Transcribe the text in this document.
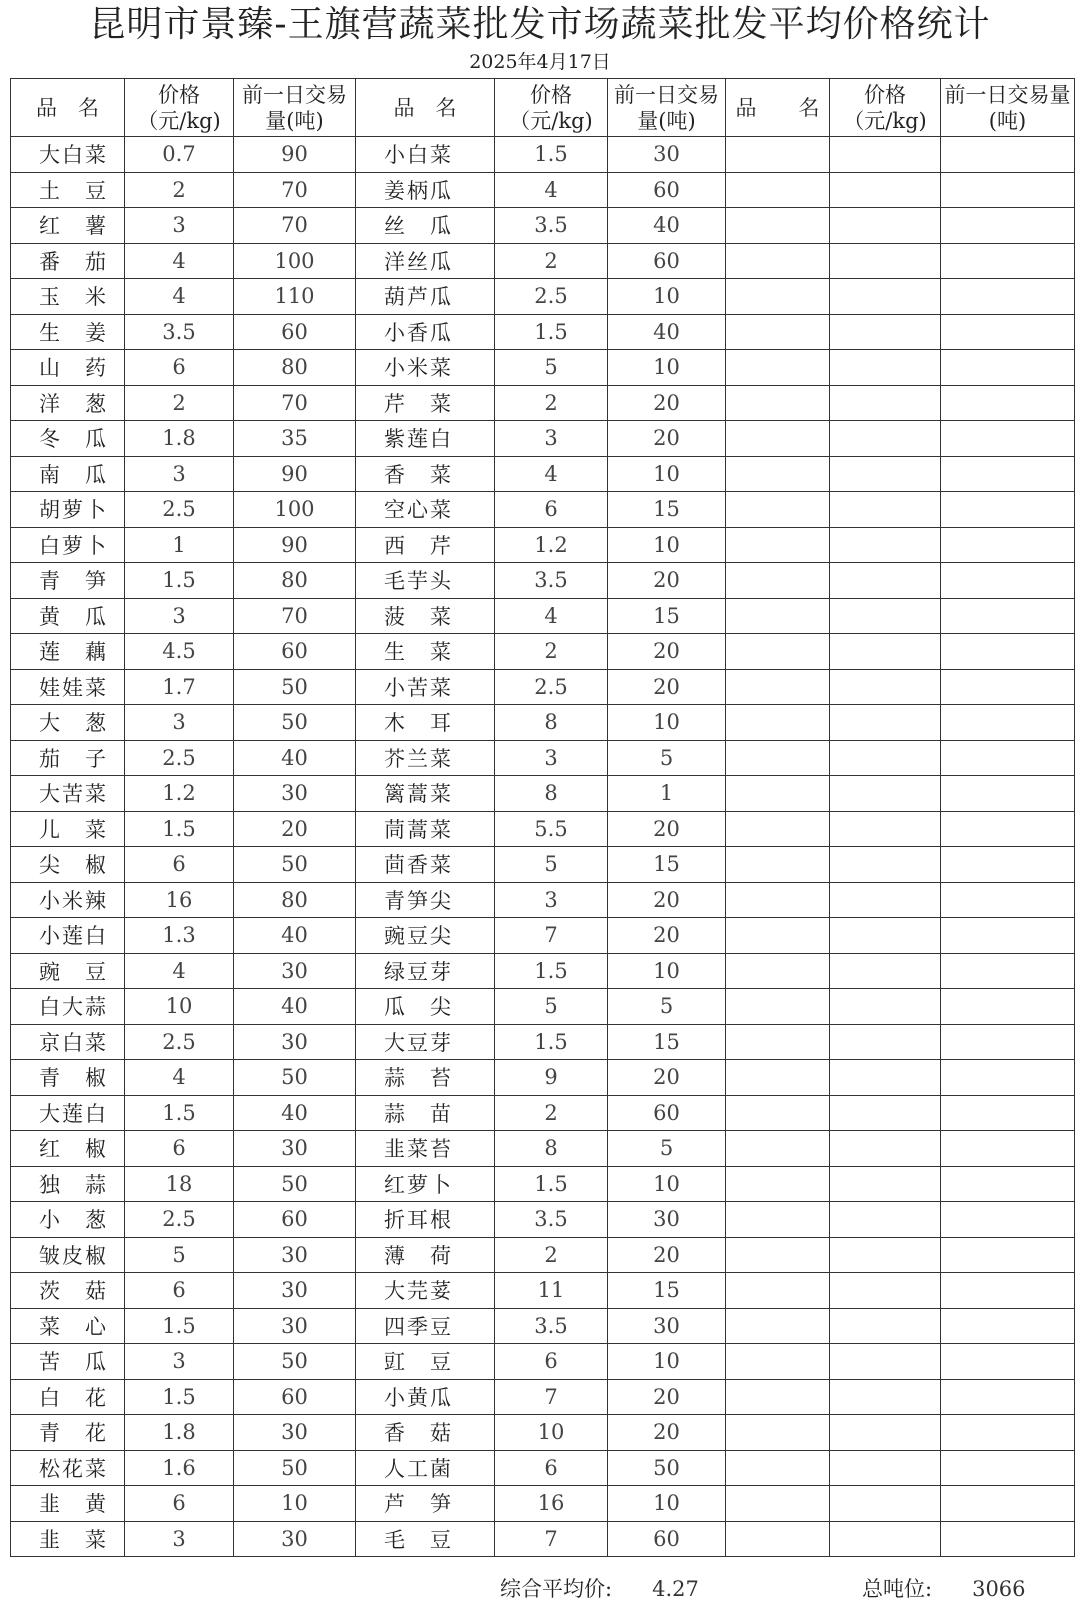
昆明市景臻-王旗营蔬菜批发市场蔬菜批发平均价格统计
2025年4月17日
品　名	价格（元/kg)	前一日交易量(吨)	品　名	价格（元/kg)	前一日交易量(吨)	品　　名	价格（元/kg)	前一日交易量(吨)
大白菜	0.7	90	小白菜	1.5	30			
土　豆	2	70	姜柄瓜	4	60			
红　薯	3	70	丝　瓜	3.5	40			
番　茄	4	100	洋丝瓜	2	60			
玉　米	4	110	葫芦瓜	2.5	10			
生　姜	3.5	60	小香瓜	1.5	40			
山　药	6	80	小米菜	5	10			
洋　葱	2	70	芹　菜	2	20			
冬　瓜	1.8	35	紫莲白	3	20			
南　瓜	3	90	香　菜	4	10			
胡萝卜	2.5	100	空心菜	6	15			
白萝卜	1	90	西　芹	1.2	10			
青　笋	1.5	80	毛芋头	3.5	20			
黄　瓜	3	70	菠　菜	4	15			
莲　藕	4.5	60	生　菜	2	20			
娃娃菜	1.7	50	小苦菜	2.5	20			
大　葱	3	50	木　耳	8	10			
茄　子	2.5	40	芥兰菜	3	5			
大苦菜	1.2	30	篱蒿菜	8	1			
儿　菜	1.5	20	茼蒿菜	5.5	20			
尖　椒	6	50	茴香菜	5	15			
小米辣	16	80	青笋尖	3	20			
小莲白	1.3	40	豌豆尖	7	20			
豌　豆	4	30	绿豆芽	1.5	10			
白大蒜	10	40	瓜　尖	5	5			
京白菜	2.5	30	大豆芽	1.5	15			
青　椒	4	50	蒜　苔	9	20			
大莲白	1.5	40	蒜　苗	2	60			
红　椒	6	30	韭菜苔	8	5			
独　蒜	18	50	红萝卜	1.5	10			
小　葱	2.5	60	折耳根	3.5	30			
皱皮椒	5	30	薄　荷	2	20			
茨　菇	6	30	大芫荽	11	15			
菜　心	1.5	30	四季豆	3.5	30			
苦　瓜	3	50	豇　豆	6	10			
白　花	1.5	60	小黄瓜	7	20			
青　花	1.8	30	香　菇	10	20			
松花菜	1.6	50	人工菌	6	50			
韭　黄	6	10	芦　笋	16	10			
韭　菜	3	30	毛　豆	7	60			
综合平均价: 4.27	总吨位: 3066
